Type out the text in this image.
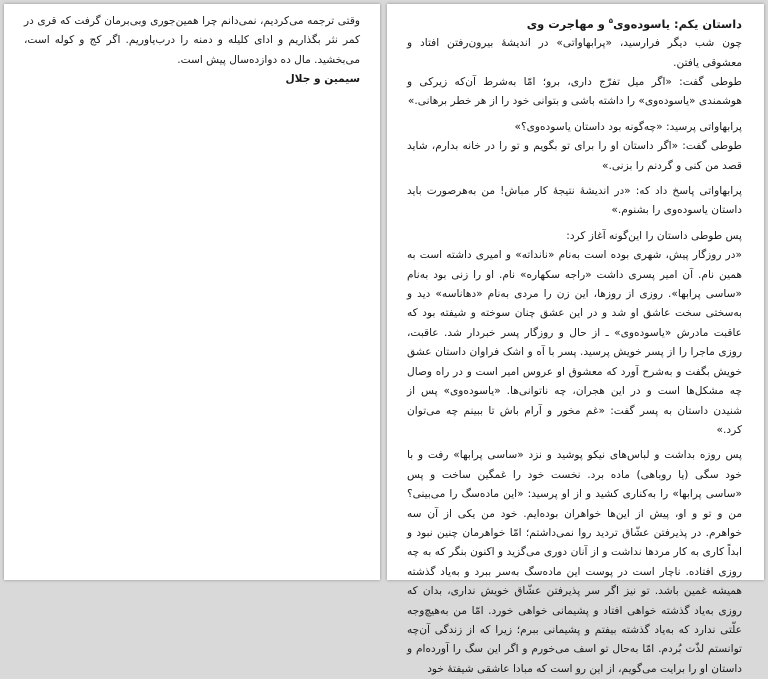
وقتی ترجمه می‌کردیم، نمی‌دانم چرا همین‌جوری و‌بی‌برمان گرفت که قری در کمر نثر بگذاریم و ادای کلیله و دمنه را درب‌یاوریم. اگر کج و کوله است، می‌بخشید. مال ده دوازده‌سال پیش است.

سیمین و جلال

داستان یکم: یاسوده‌وی$^۵$ و مهاجرت وی

چون شب دیگر فرارسید، «پرابهاواتی» در اندیشهٔ بیرون‌رفتن افتاد و معشوقی یافتن.

طوطی گفت: «اگر میل تفرّج داری، برو؛ امّا به‌شرط آن‌که زیرکی و هوشمندی «یاسوده‌وی» را داشته باشی و بتوانی خود را از هر خطر برهانی.»

پرابهاواتی پرسید: «چه‌گونه بود داستان یاسوده‌وی؟»

طوطی گفت: «اگر داستان او را برای تو بگویم و تو را در خانه بدارم، شاید قصد من کنی و گردنم را بزنی.»

پرابهاواتی پاسخ داد که: «در اندیشهٔ نتیجهٔ کار مباش! من به‌هرصورت باید داستان یاسوده‌وی را بشنوم.»

پس طوطی داستان را این‌گونه آغاز کرد:

«در روزگار پیش، شهری بوده است به‌نام «نانداته» و امیری داشته است به همین نام. آن امیر پسری داشت «راجه سکهاره» نام. او را زنی بود به‌نام «ساسی پرابها». روزی از روزها، این زن را مردی به‌نام «دهاناسه» دید و به‌سختی سخت عاشق او شد و در این عشق چنان سوخته و شیفته بود که عاقبت مادرش «یاسوده‌وی» ـ از حال و روزگار پسر خبردار شد. عاقبت، روزی ماجرا را از پسر خویش پرسید. پسر با آه و اشک فراوان داستان عشق خویش بگفت و به‌شرح آورد که معشوق او عروس امیر است و در راه وصال چه مشکل‌ها است و در این هجران، چه ناتوانی‌ها. «یاسوده‌وی» پس از شنیدن داستان به پسر گفت: «غم مخور و آرام باش تا ببینم چه می‌توان کرد.»

پس روزه بداشت و لباس‌های نیکو پوشید و نزد «ساسی پرابها» رفت و با خود سگی (یا روباهی) ماده برد. نخست خود را غمگین ساخت و پس «ساسی پرابها» را به‌کناری کشید و از او پرسید: «این ماده‌سگ را می‌بینی؟ من و تو و او، پیش از این‌ها خواهران بوده‌ایم. خود من یکی از آن سه خواهرم. در پذیرفتن عشّاق تردید روا نمی‌داشتم؛ امّا خواهرمان چنین نبود و ابداً کاری به کار مردها نداشت و از آنان دوری می‌گزید و اکنون بنگر که به چه روزی افتاده. ناچار است در پوست این ماده‌سگ به‌سر ببرد و به‌یاد گذشته همیشه غمین باشد. تو نیز اگر سر پذیرفتن عشّاق خویش نداری، بدان که روزی به‌یاد گذشته خواهی افتاد و پشیمانی خواهی خورد. امّا من به‌هیچ‌وجه علّتی ندارد که به‌یاد گذشته بیفتم و پشیمانی ببرم؛ زیرا که از زندگی آن‌چه توانستم لذّت بُردم. امّا به‌حال تو اسف می‌خورم و اگر این سگ را آورده‌ام و داستان او را برایت می‌گویم، از این رو است که مبادا عاشقی شیفتهٔ خود
